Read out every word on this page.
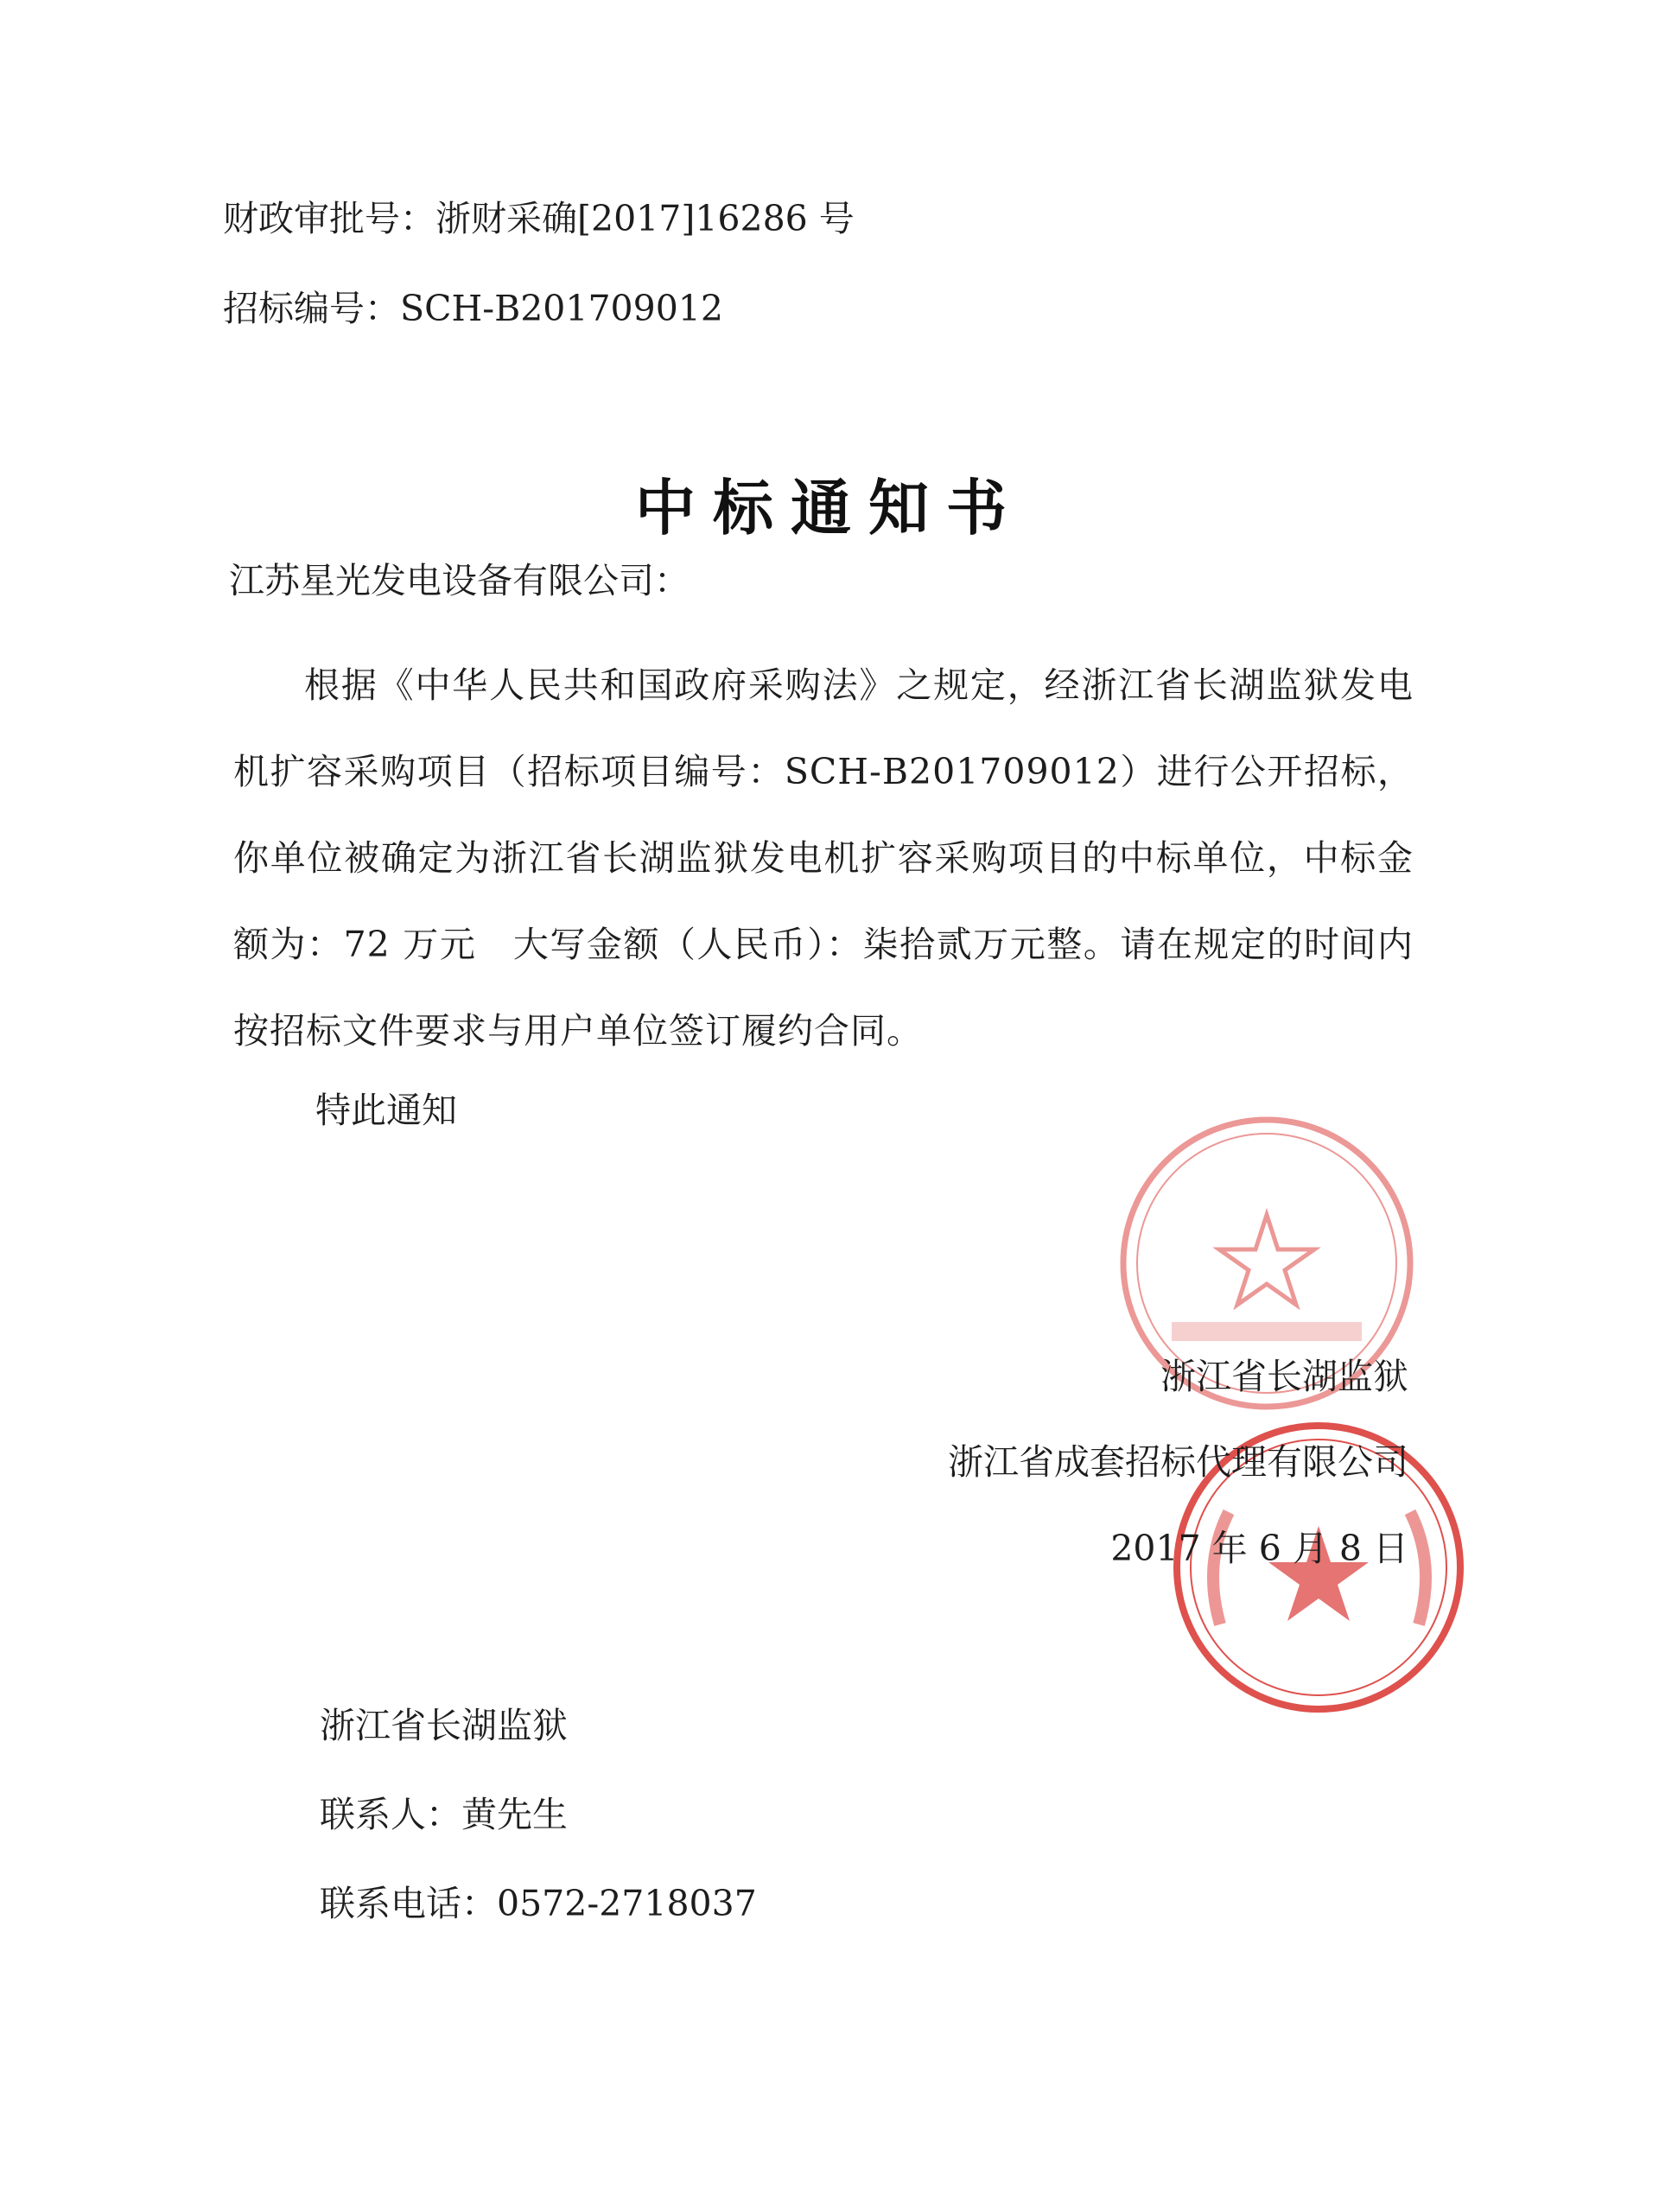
财政审批号：浙财采确[2017]16286 号
招标编号：SCH-B201709012
中标通知书
江苏星光发电设备有限公司：

根据《中华人民共和国政府采购法》之规定，经浙江省长湖监狱发电机扩容采购项目（招标项目编号：SCH-B201709012）进行公开招标，你单位被确定为浙江省长湖监狱发电机扩容采购项目的中标单位，中标金额为：72 万元　大写金额（人民币）：柒拾贰万元整。请在规定的时间内按招标文件要求与用户单位签订履约合同。

特此通知
浙江省长湖监狱
浙江省成套招标代理有限公司
2017 年 6 月 8 日
浙江省长湖监狱
联系人：黄先生
联系电话：0572-2718037
